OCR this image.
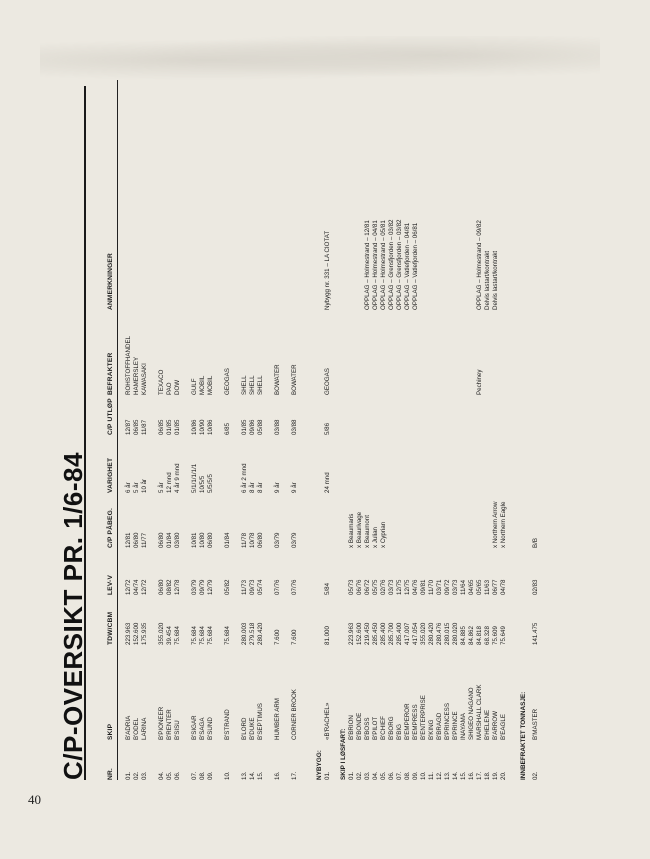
40
C/P-OVERSIKT PR. 1/6-84	NR.
SKIP
TDW/CBM
LEV-V
C/P PÅBEG.
VARIGHET
C/P UTLØP
BEFRAKTER
ANMERKNINGER
01.
B'ADRIA
223.963
12/72
12/81
6 år
12/87
ROHSTOFFHANDEL
02.
B'ODEL
152.600
04/74
06/80
5 år
06/85
HAMERSLEY
03.
LARINA
175.935
12/72
11/77
10 år
11/87
KAWASAKI
04.
B'PIONEER
355.020
06/80
06/80
5 år
06/85
TEXACO
05.
B'RENTER
39.454
08/82
01/84
12 mnd
01/85
PAO
06.
B'SISU
75.684
12/78
03/80
4 år 9 mnd
01/85
DOW
07.
B'SIGAR
75.684
03/79
10/81
5/1/1/1/1/1
10/86
GULF
08.
B'SAGA
75.684
09/79
10/80
10/5/5
10/90
MOBIL
09.
B'SUND
75.684
12/79
06/80
5/5/5/5
10/86
MOBIL
10.
B'STRAND
75.684
05/82
01/84
6/85
GEOGAS
13.
B'LORD
280.003
11/73
11/78
6 år 2 mnd
01/85
SHELL
14.
B'DUKE
279.518
09/73
10/78
8 år
09/86
SHELL
15.
B'SEPTIMUS
280.420
05/74
06/80
8 år
05/88
SHELL
16.
HUMBER ARM
7.600
07/76
03/79
9 år
03/88
BOWATER
17.
CORNER BROOK
7.600
07/76
03/79
9 år
03/88
BOWATER
NYBYGG: 01.
«B'RACHEL»
81.000
5/84
24 mnd
5/86
GEOGAS
Nybygg nr. 331 – LA CIOTAT
SKIP I LØSFART: 01.
B'BRION
223.963
05/73
x Beaumaris
02.
B'BONDE
152.600
06/76
x Beaurivage
03.
B'BOSS
219.450
06/72
x Beaumont
OPPLAG – Holmestrand – 12/81
04.
B'PILOT
285.450
05/75
x Julian
OPPLAG – Holmestrand – 04/81
05.
B'CHIEF
285.400
02/76
x Cyprian
OPPLAG – Holmestrand – 05/81
06.
B'BORG
285.700
03/73
OPPLAG – Grensfjorden – 03/82
07.
B'BIG
285.400
12/75
OPPLAG – Grensfjorden – 03/82
08.
B'EMPEROR
417.007
12/75
OPPLAG – Vatlefjorden – 04/81
09.
B'EMPRESS
417.054
04/76
OPPLAG – Vatlefjorden – 06/81
10.
B'ENTERPRISE
355.020
09/81
11.
B'KING
280.420
11/70
12.
B'BRAGD
280.476
03/71
13.
B'PRINCESS
280.015
09/72
14.
B'PRINCE
280.020
03/73
15.
INAYAMA
84.885
11/64
16.
SHIGEO NAGANO
84.862
04/65
17.
MARSHALL CLARK
84.818
05/65
OPPLAG – Holmestrand – 09/82
18.
B'HELENE
68.328
11/63
Delvis lastart/kontrakt
19.
B'ARROW
75.609
06/77
x Northern Arrow
Delvis lastart/kontrakt
20.
B'EAGLE
75.649
04/78
x Northern Eagle
Pechiney
INNBEFRAKTET TONNASJE: 02.
B'MASTER
141.475
02/83
B/B
